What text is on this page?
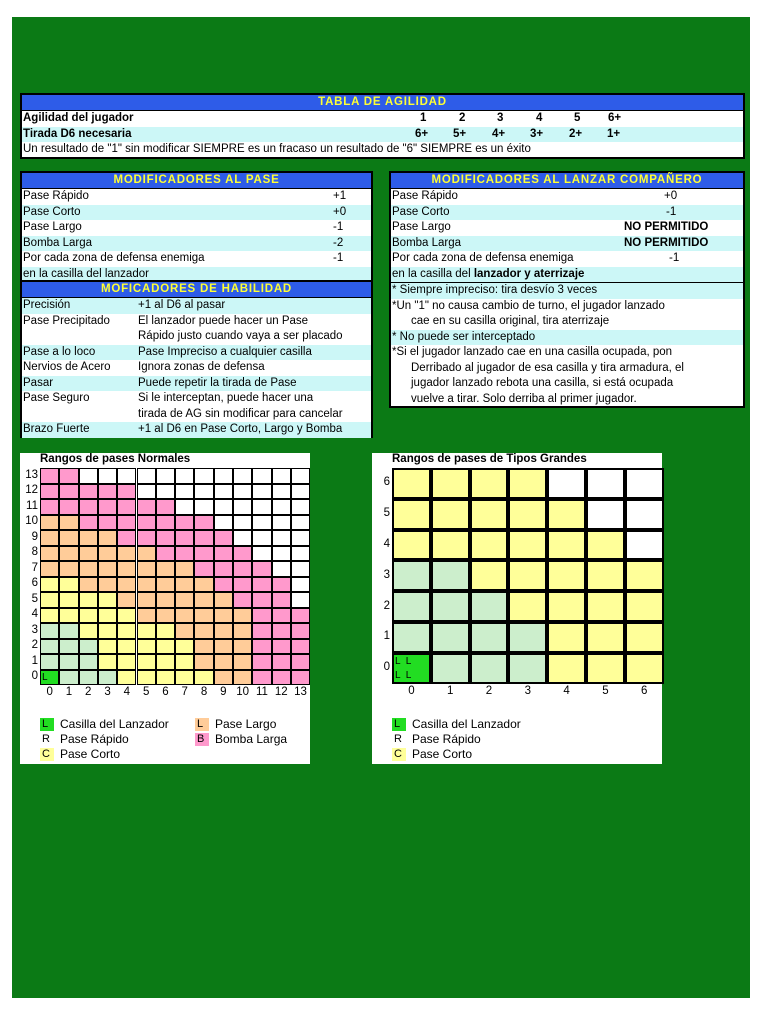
TABLA DE AGILIDAD
Agilidad del jugador	1	2	3	4	5 6+
Tirada D6 necesaria	6+ 5+ 4+ 3+ 2+ 1+
Un resultado de "1" sin modificar SIEMPRE es un fracaso un resultado de "6" SIEMPRE es un éxito
MODIFICADORES AL PASE
Pase Rápido	+1
Pase Corto	+0
Pase Largo	-1
Bomba Larga	-2
Por cada zona de defensa enemiga	-1
en la casilla del lanzador
MOFICADORES DE HABILIDAD
Precisión	+1 al D6 al pasar
Pase Precipitado El lanzador puede hacer un Pase
Rápido justo cuando vaya a ser placado
Pase a lo loco	Pase Impreciso a cualquier casilla
Nervios de Acero Ignora zonas de defensa
Pasar	Puede repetir la tirada de Pase
Pase Seguro	Si le interceptan, puede hacer una
tirada de AG sin modificar para cancelar
Brazo Fuerte	+1 al D6 en Pase Corto, Largo y Bomba
MODIFICADORES AL LANZAR COMPAÑERO
Pase Rápido	+0
Pase Corto	-1
Pase Largo	NO PERMITIDO
Bomba Larga	NO PERMITIDO
Por cada zona de defensa enemiga	-1
en la casilla del lanzador y aterrizaje
* Siempre impreciso: tira desvío 3 veces
*Un "1" no causa cambio de turno, el jugador lanzado
cae en su casilla original, tira aterrizaje
* No puede ser interceptado
*Si el jugador lanzado cae en una casilla ocupada, pon
Derribado al jugador de esa casilla y tira armadura, el
jugador lanzado rebota una casilla, si está ocupada
vuelve a tirar. Solo derriba al primer jugador.
Rangos de pases Normales
L
13
12
11
10
9
8
7
6
5
4
3
2
1
0
0	1	2	3	4	5	6	7	8	9 10 11 12 13
L Casilla del Lanzador
R Pase Rápido
C Pase Corto
L Pase Largo
B Bomba Larga
Rangos de pases de Tipos Grandes
L  L
L  L
6
5
4
3
2
1
0
0	1	2	3	4	5	6
L Casilla del Lanzador
R Pase Rápido
C Pase Corto
